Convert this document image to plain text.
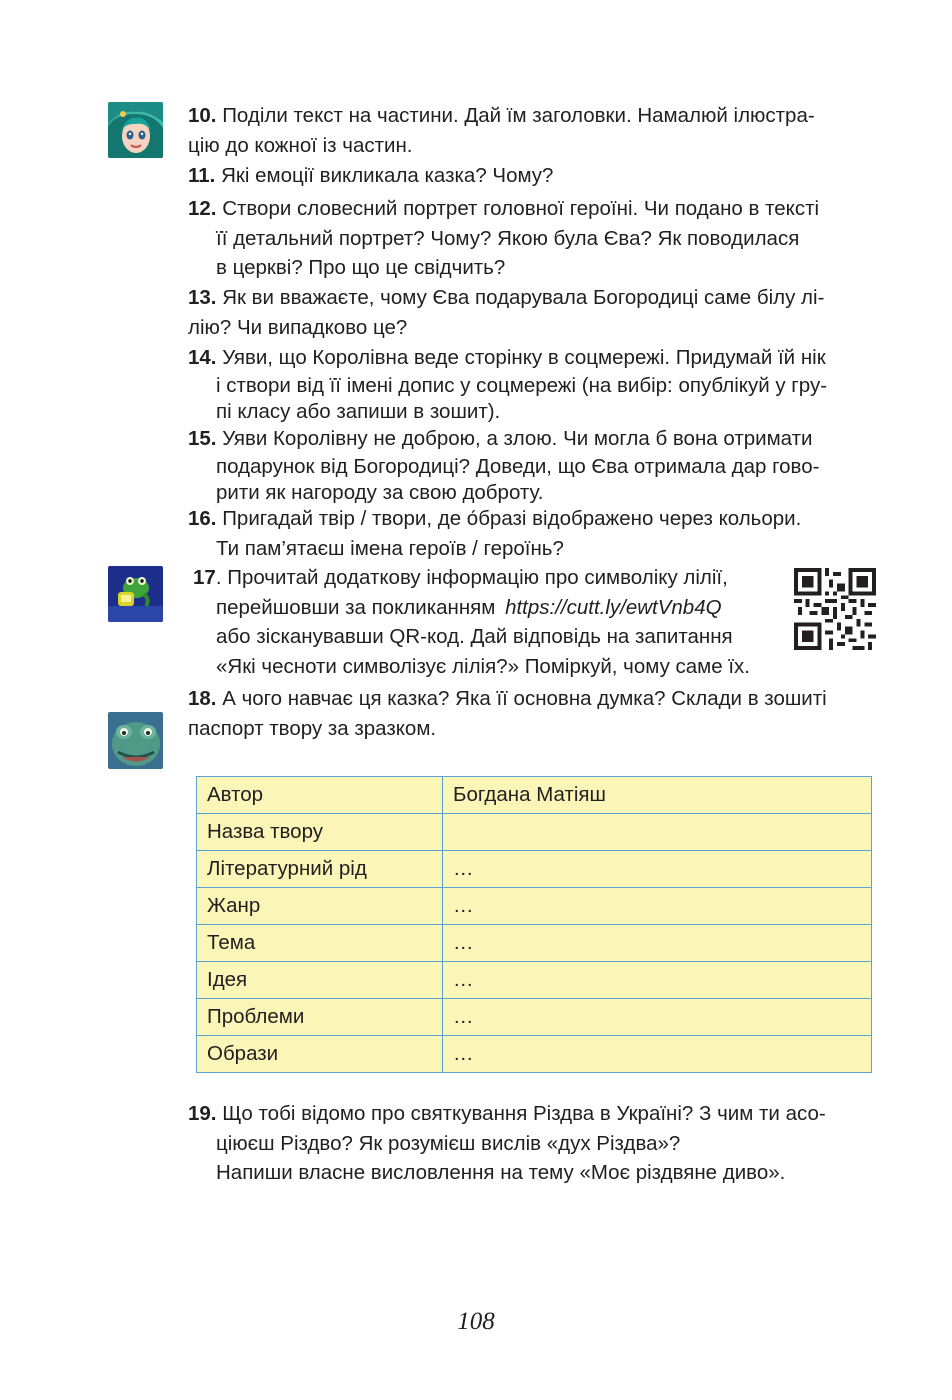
10. Поділи текст на частини. Дай їм заголовки. Намалюй ілюстра-

цію до кожної із частин.

11. Які емоції викликала казка? Чому?

12. Створи словесний портрет головної героїні. Чи подано в тексті

її детальний портрет? Чому? Якою була Єва? Як поводилася

в церкві? Про що це свідчить?

13. Як ви вважаєте, чому Єва подарувала Богородиці саме білу лі-

лію? Чи випадково це?

14. Уяви, що Королівна веде сторінку в соцмережі. Придумай їй нік

і створи від її імені допис у соцмережі (на вибір: опублікуй у гру-

пі класу або запиши в зошит).

15. Уяви Королівну не доброю, а злою. Чи могла б вона отримати

подарунок від Богородиці? Доведи, що Єва отримала дар гово-

рити як нагороду за свою доброту.

16. Пригадай твір / твори, де о́бразі відображено через кольори.

Ти пам’ятаєш імена героїв / героїнь?

17. Прочитай додаткову інформацію про символіку лілії,

перейшовши за покликанням https://cutt.ly/ewtVnb4Q

або зісканувавши QR-код. Дай відповідь на запитання

«Які чесноти символізує лілія?» Поміркуй, чому саме їх.

18. А чого навчає ця казка? Яка її основна думка? Склади в зошиті

паспорт твору за зразком.

Автор	Богдана Матіяш
Назва твору	
Літературний рід	…
Жанр	…
Тема	…
Ідея	…
Проблеми	…
Образи	…

19. Що тобі відомо про святкування Різдва в Україні? З чим ти асо-

ціюєш Різдво? Як розумієш вислів «дух Різдва»?

Напиши власне висловлення на тему «Моє різдвяне диво».

108
